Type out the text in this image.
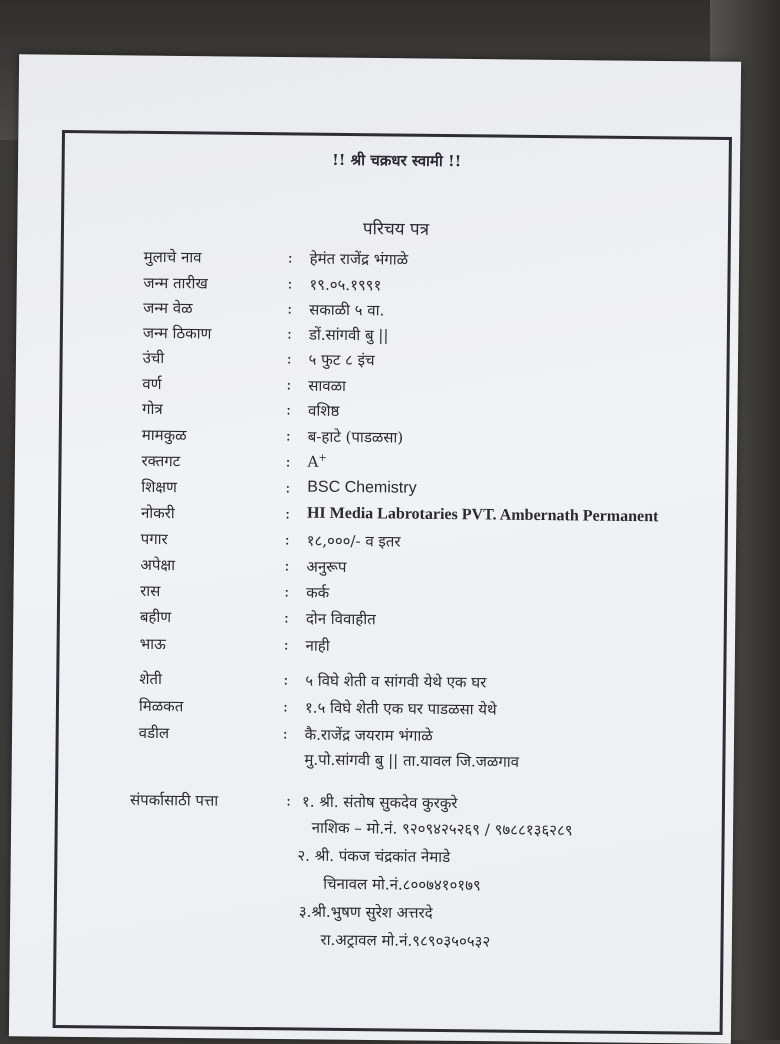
!! श्री चक्रधर स्वामी !!
परिचय पत्र
मुलाचे नाव	: हेमंत राजेंद्र भंगाळे
जन्म तारीख	: १९.०५.१९९१
जन्म वेळ	: सकाळी ५ वा.
जन्म ठिकाण	: डों.सांगवी बु ||
उंची	: ५ फुट ८ इंच
वर्ण	: सावळा
गोत्र	: वशिष्ठ
मामकुळ	: ब-हाटे (पाडळसा)
रक्तगट	: A+
शिक्षण	: BSC Chemistry
नोकरी	: HI Media Labrotaries PVT. Ambernath Permanent
पगार	: १८,०००/- व इतर
अपेक्षा	: अनुरूप
रास	: कर्क
बहीण	: दोन विवाहीत
भाऊ	: नाही
शेती	: ५ विघे शेती व सांगवी येथे एक घर
मिळकत	: १.५ विघे शेती एक घर पाडळसा येथे
वडील	: कै.राजेंद्र जयराम भंगाळे
मु.पो.सांगवी बु || ता.यावल जि.जळगाव
संपर्कासाठी पत्ता	: १. श्री. संतोष सुकदेव कुरकुरे
नाशिक – मो.नं. ९२०९४२५२६९ / ९७८८१३६२८९
२. श्री. पंकज चंद्रकांत नेमाडे
चिनावल मो.नं.८००७४१०१७९
३.श्री.भुषण सुरेश अत्तरदे
रा.अट्रावल मो.नं.९८९०३५०५३२
